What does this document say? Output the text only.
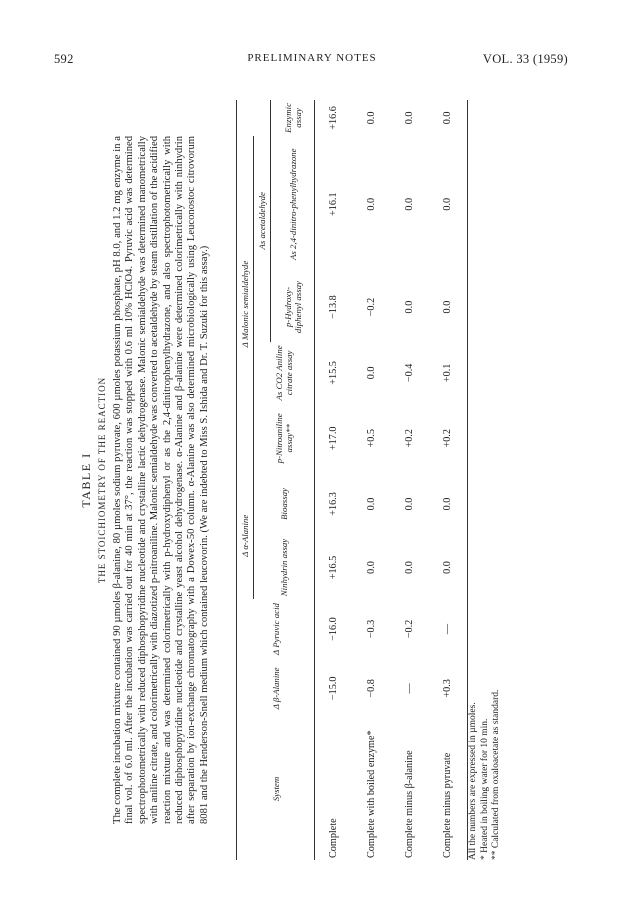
592	PRELIMINARY NOTES	VOL. 33 (1959)
TABLE I THE STOICHIOMETRY OF THE REACTION The complete incubation mixture contained 90 µmoles β-alanine, 80 µmoles sodium pyruvate, 600 µmoles potassium phosphate, pH 8.0, and 1.2 mg enzyme in a final vol. of 6.0 ml. After the incubation was carried out for 40 min at 37°, the reaction was stopped with 0.6 ml 10% HClO4. Pyruvic acid was determined spectrophotometrically with reduced diphosphopyridine nucleotide and crystalline lactic dehydrogenase. Malonic semialdehyde was determined manometrically with aniline citrate, and colorimetrically with diazotized p-nitroaniline. Malonic semialdehyde was converted to acetaldehyde by steam distillation of the acidified reaction mixture and was determined colorimetrically with p-hydroxydiphenyl or as the 2,4-dinitrophenylhydrazone, and also spectrophotometrically with reduced diphosphopyridine nucleotide and crystalline yeast alcohol dehydrogenase. α-Alanine and β-alanine were determined colorimetrically with ninhydrin after separation by ion-exchange chromatography with a Dowex-50 column. α-Alanine was also determined microbiologically using Leuconostoc citrovorum 8081 and the Henderson-Snell medium which contained leucovorin. (We are indebted to Miss S. Ishida and Dr. T. Suzuki for this assay.)	System	Δ β-Alanine	Δ Pyruvic acid	Δ α-Alanine		Δ Malonic semialdehyde				
			Ninhydrin assay	Bioassay	p-Nitroaniline assay**	As CO2 Aniline citrate assay	As acetaldehyde		
							p-Hydroxy-diphenyl assay	As 2,4-dinitro-phenylhydrazone	Enzymic assay
Complete	−15.0	−16.0	+16.5	+16.3	+17.0	+15.5	−13.8	+16.1	+16.6
Complete with boiled enzyme*	−0.8	−0.3	0.0	0.0	+0.5	0.0	−0.2	0.0	0.0
Complete minus β-alanine	—	−0.2	0.0	0.0	+0.2	−0.4	0.0	0.0	0.0
Complete minus pyruvate	+0.3	—	0.0	0.0	+0.2	+0.1	0.0	0.0	0.0
All the numbers are expressed in µmoles. * Heated in boiling water for 10 min. ** Calculated from oxaloacetate as standard.
